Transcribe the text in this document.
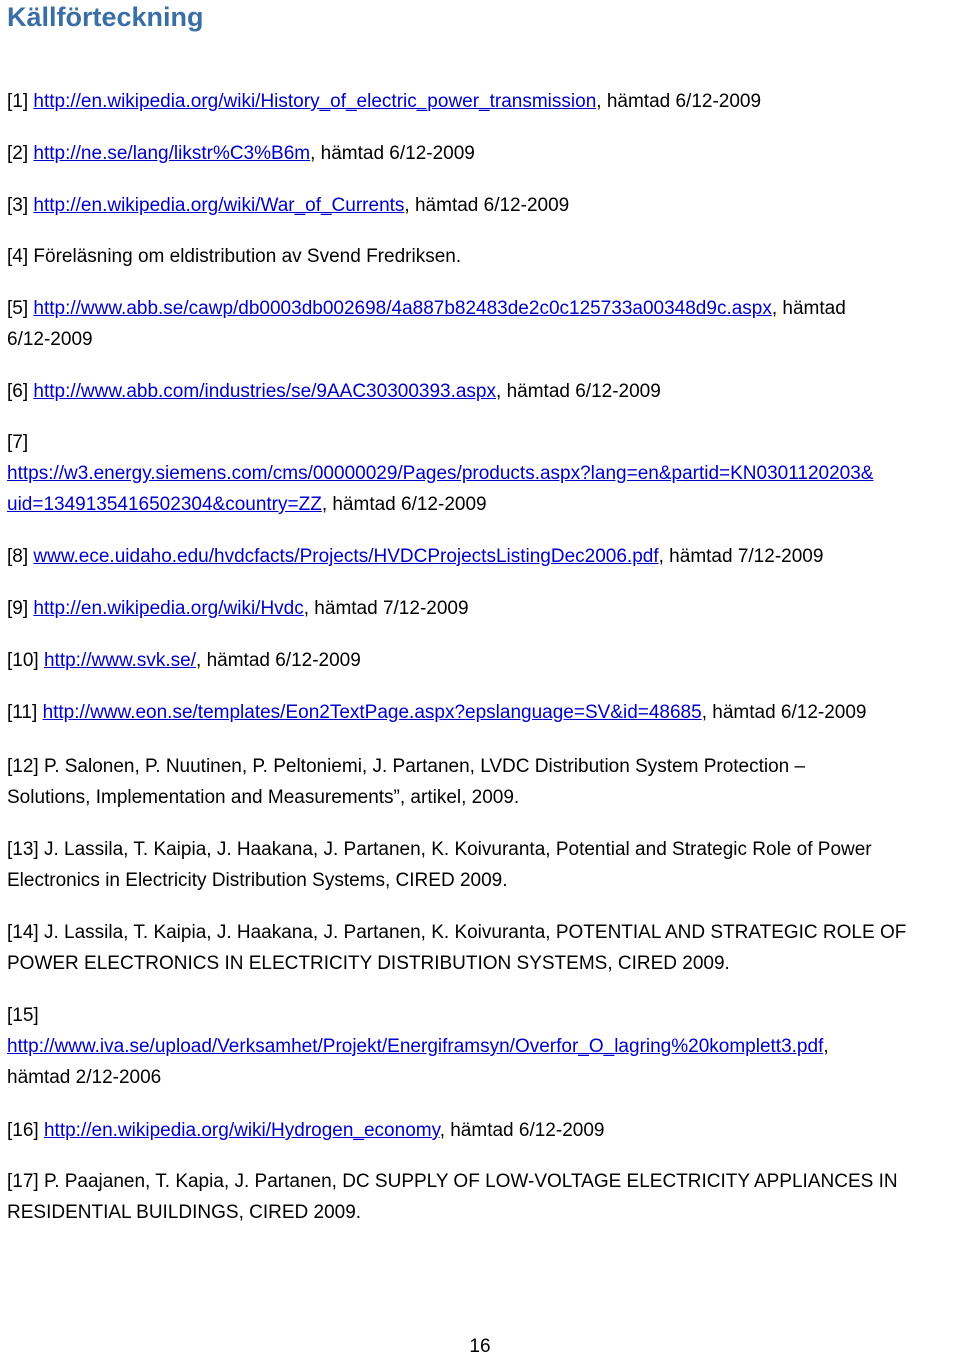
Källförteckning
[1] http://en.wikipedia.org/wiki/History_of_electric_power_transmission, hämtad 6/12-2009
[2] http://ne.se/lang/likstr%C3%B6m, hämtad 6/12-2009
[3] http://en.wikipedia.org/wiki/War_of_Currents, hämtad 6/12-2009
[4] Föreläsning om eldistribution av Svend Fredriksen.
[5] http://www.abb.se/cawp/db0003db002698/4a887b82483de2c0c125733a00348d9c.aspx, hämtad
6/12-2009
[6] http://www.abb.com/industries/se/9AAC30300393.aspx, hämtad 6/12-2009
[7]
https://w3.energy.siemens.com/cms/00000029/Pages/products.aspx?lang=en&partid=KN0301120203&
uid=1349135416502304&country=ZZ, hämtad 6/12-2009
[8] www.ece.uidaho.edu/hvdcfacts/Projects/HVDCProjectsListingDec2006.pdf, hämtad 7/12-2009
[9] http://en.wikipedia.org/wiki/Hvdc, hämtad 7/12-2009
[10] http://www.svk.se/, hämtad 6/12-2009
[11] http://www.eon.se/templates/Eon2TextPage.aspx?epslanguage=SV&id=48685, hämtad 6/12-2009
[12] P. Salonen, P. Nuutinen, P. Peltoniemi, J. Partanen, LVDC Distribution System Protection –
Solutions, Implementation and Measurements”, artikel, 2009.
[13] J. Lassila, T. Kaipia, J. Haakana, J. Partanen, K. Koivuranta, Potential and Strategic Role of Power
Electronics in Electricity Distribution Systems, CIRED 2009.
[14] J. Lassila, T. Kaipia, J. Haakana, J. Partanen, K. Koivuranta, POTENTIAL AND STRATEGIC ROLE OF
POWER ELECTRONICS IN ELECTRICITY DISTRIBUTION SYSTEMS, CIRED 2009.
[15]
http://www.iva.se/upload/Verksamhet/Projekt/Energiframsyn/Overfor_O_lagring%20komplett3.pdf,
hämtad 2/12-2006
[16] http://en.wikipedia.org/wiki/Hydrogen_economy, hämtad 6/12-2009
[17] P. Paajanen, T. Kapia, J. Partanen, DC SUPPLY OF LOW-VOLTAGE ELECTRICITY APPLIANCES IN
RESIDENTIAL BUILDINGS, CIRED 2009.
16
